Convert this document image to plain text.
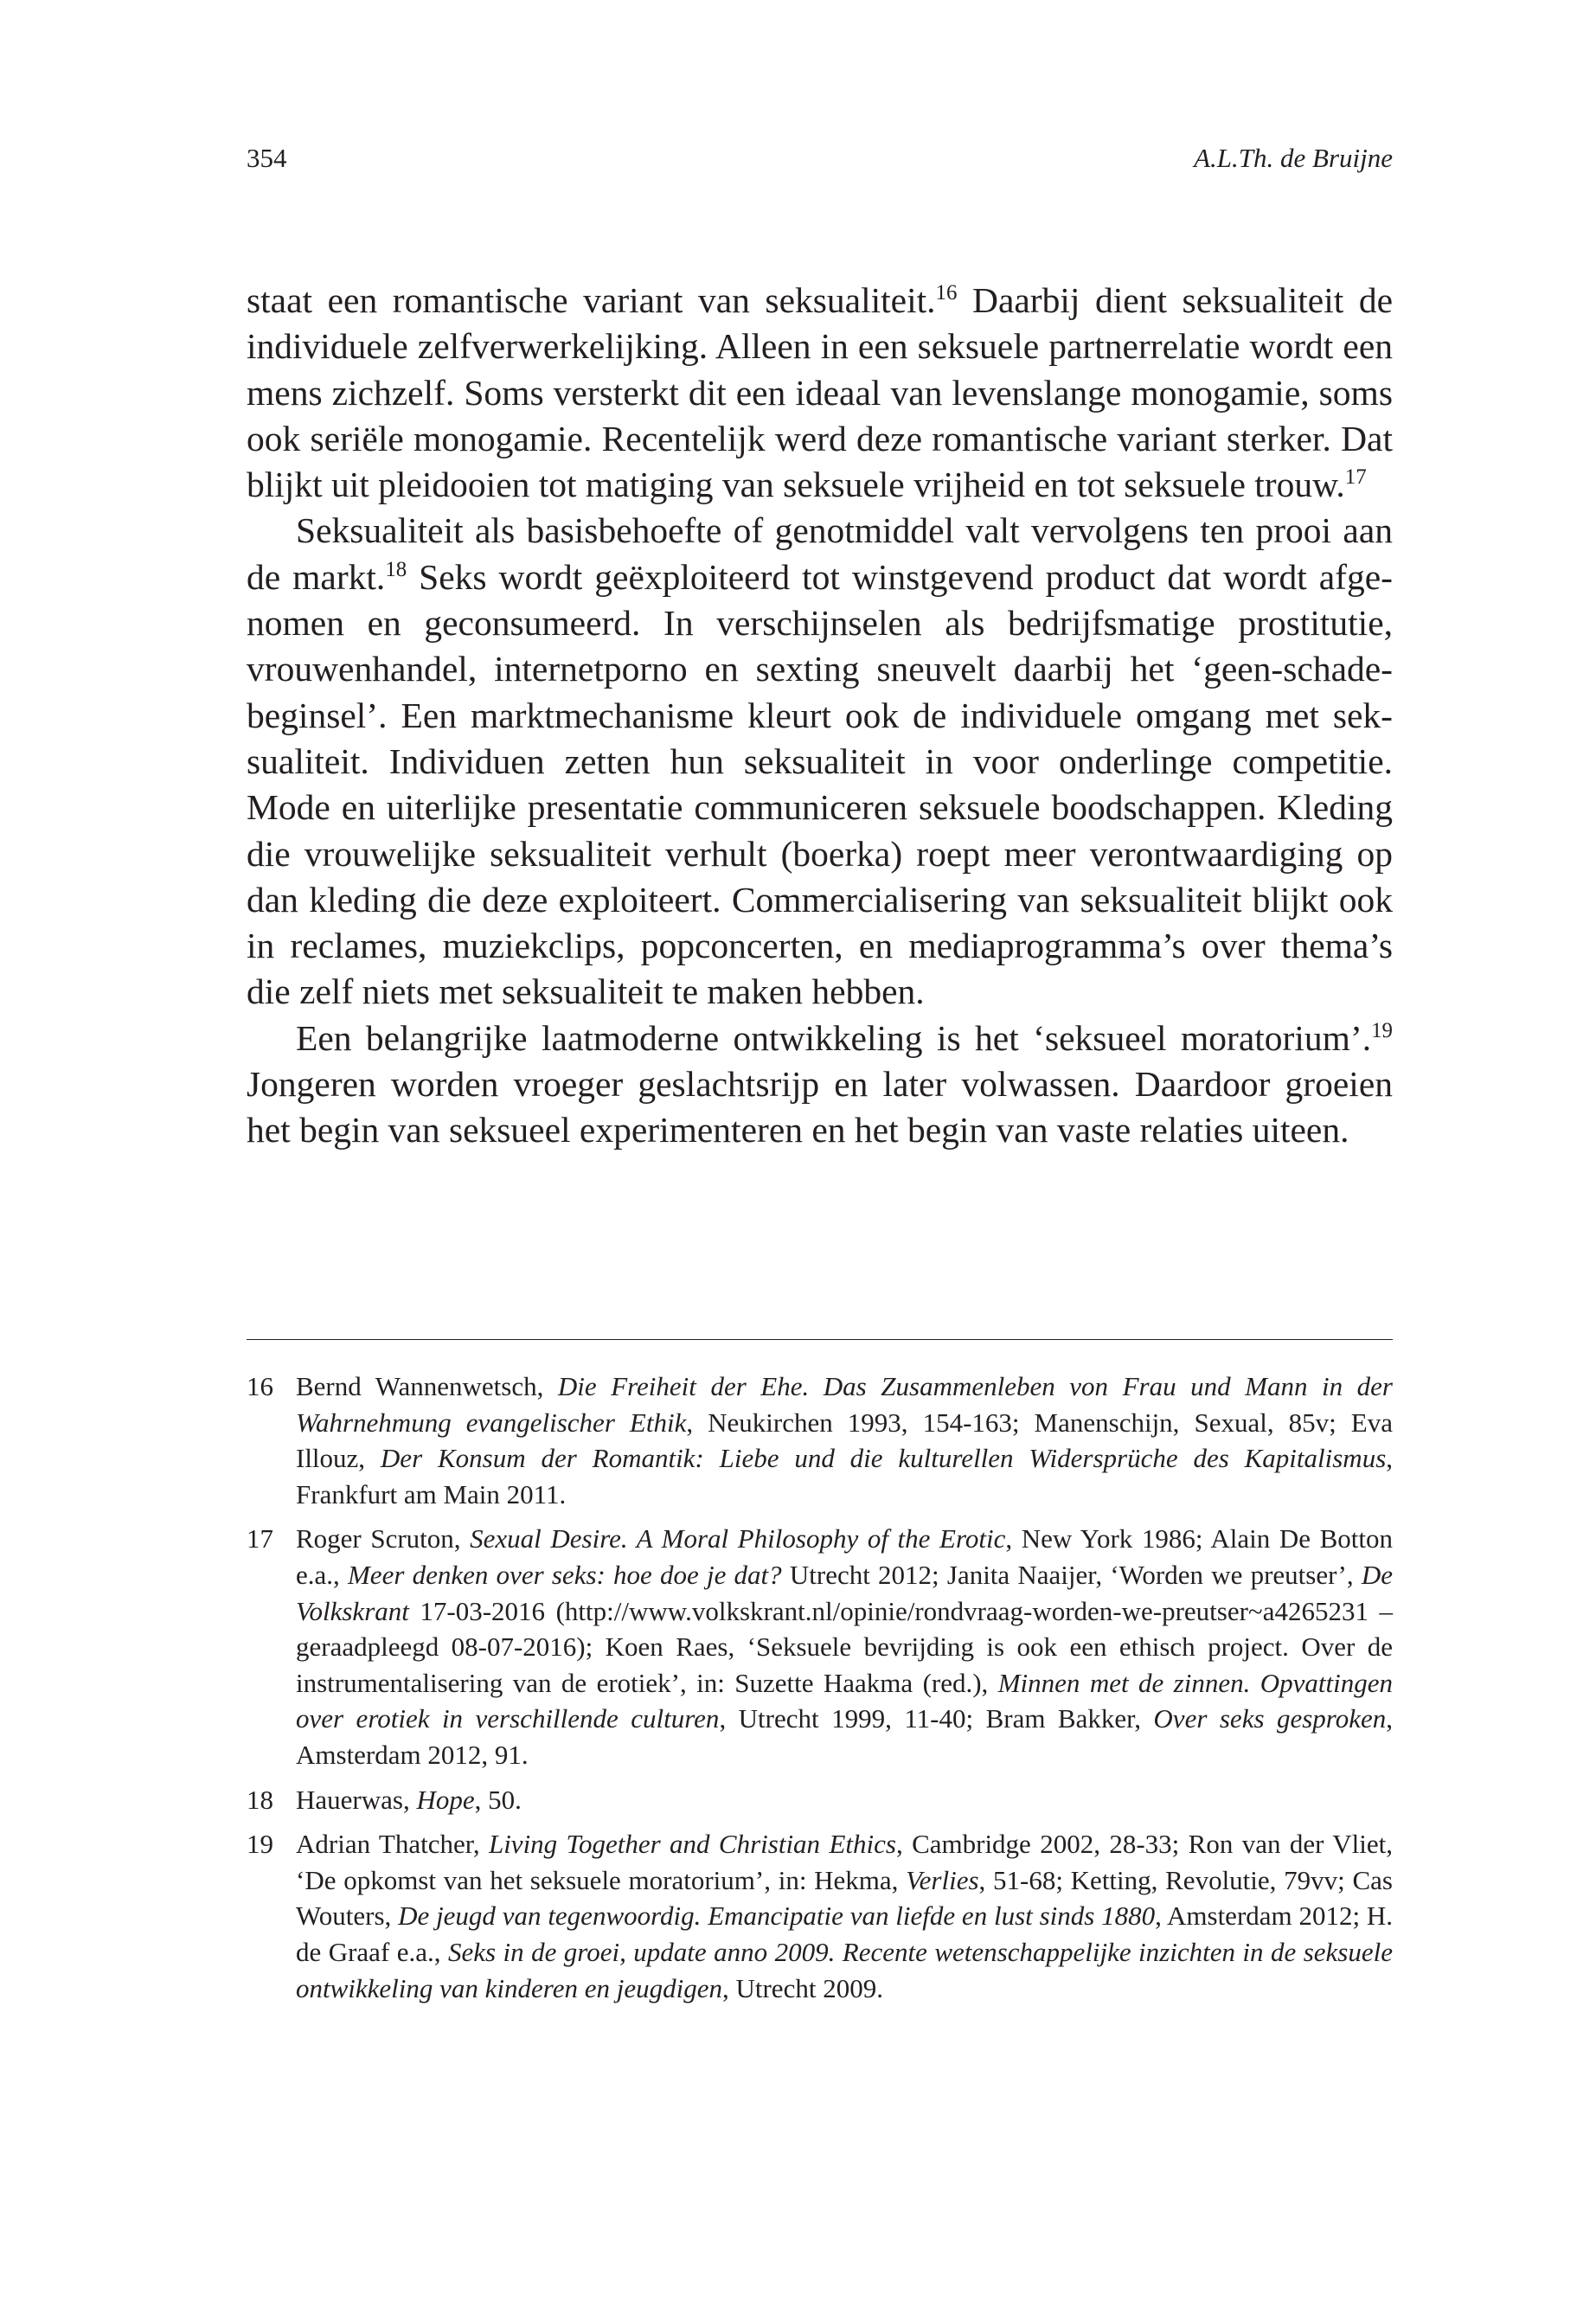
354	A.L.Th. de Bruijne

staat een romantische variant van seksualiteit.$^{16}$ Daarbij dient seksualiteit de individuele zelfverwerkelijking. Alleen in een seksuele partnerrelatie wordt een mens zichzelf. Soms versterkt dit een ideaal van levenslange monogamie, soms ook seriële monogamie. Recentelijk werd deze romantische variant sterker. Dat blijkt uit pleidooien tot matiging van seksuele vrijheid en tot seksuele trouw.$^{17}$

Seksualiteit als basisbehoefte of genotmiddel valt vervolgens ten prooi aan de markt.$^{18}$ Seks wordt geëxploiteerd tot winstgevend product dat wordt afgenomen en geconsumeerd. In verschijnselen als bedrijfsmatige prostitutie, vrouwenhandel, internetporno en sexting sneuvelt daarbij het ‘geen-schadebeginsel’. Een marktmechanisme kleurt ook de individuele omgang met seksualiteit. Individuen zetten hun seksualiteit in voor onderlinge competitie. Mode en uiterlijke presentatie communiceren seksuele boodschappen. Kleding die vrouwelijke seksualiteit verhult (boerka) roept meer verontwaardiging op dan kleding die deze exploiteert. Commercialisering van seksualiteit blijkt ook in reclames, muziekclips, popconcerten, en mediaprogramma’s over thema’s die zelf niets met seksualiteit te maken hebben.

Een belangrijke laatmoderne ontwikkeling is het ‘seksueel moratorium’.$^{19}$ Jongeren worden vroeger geslachtsrijp en later volwassen. Daardoor groeien het begin van seksueel experimenteren en het begin van vaste relaties uiteen.

16 Bernd Wannenwetsch, Die Freiheit der Ehe. Das Zusammenleben von Frau und Mann in der Wahrnehmung evangelischer Ethik, Neukirchen 1993, 154-163; Manenschijn, Sexual, 85v; Eva Illouz, Der Konsum der Romantik: Liebe und die kulturellen Widersprüche des Kapitalismus, Frankfurt am Main 2011.
17 Roger Scruton, Sexual Desire. A Moral Philosophy of the Erotic, New York 1986; Alain De Botton e.a., Meer denken over seks: hoe doe je dat? Utrecht 2012; Janita Naaijer, ‘Worden we preutser’, De Volkskrant 17-03-2016 (http://www.volkskrant.nl/opinie/rondvraag-​worden-we-preutser~a4265231 – geraadpleegd 08-07-2016); Koen Raes, ‘Seksuele bevrijding is ook een ethisch project. Over de instrumentalisering van de erotiek’, in: Suzette Haakma (red.), Minnen met de zinnen. Opvattingen over erotiek in verschillende culturen, Utrecht 1999, 11-40; Bram Bakker, Over seks gesproken, Amsterdam 2012, 91.
18 Hauerwas, Hope, 50.
19 Adrian Thatcher, Living Together and Christian Ethics, Cambridge 2002, 28-33; Ron van der Vliet, ‘De opkomst van het seksuele moratorium’, in: Hekma, Verlies, 51-68; Ketting, Revolutie, 79vv; Cas Wouters, De jeugd van tegenwoordig. Emancipatie van liefde en lust sinds 1880, Amsterdam 2012; H. de Graaf e.a., Seks in de groei, update anno 2009. Recente wetenschappelijke inzichten in de seksuele ontwikkeling van kinderen en jeugdigen, Utrecht 2009.
